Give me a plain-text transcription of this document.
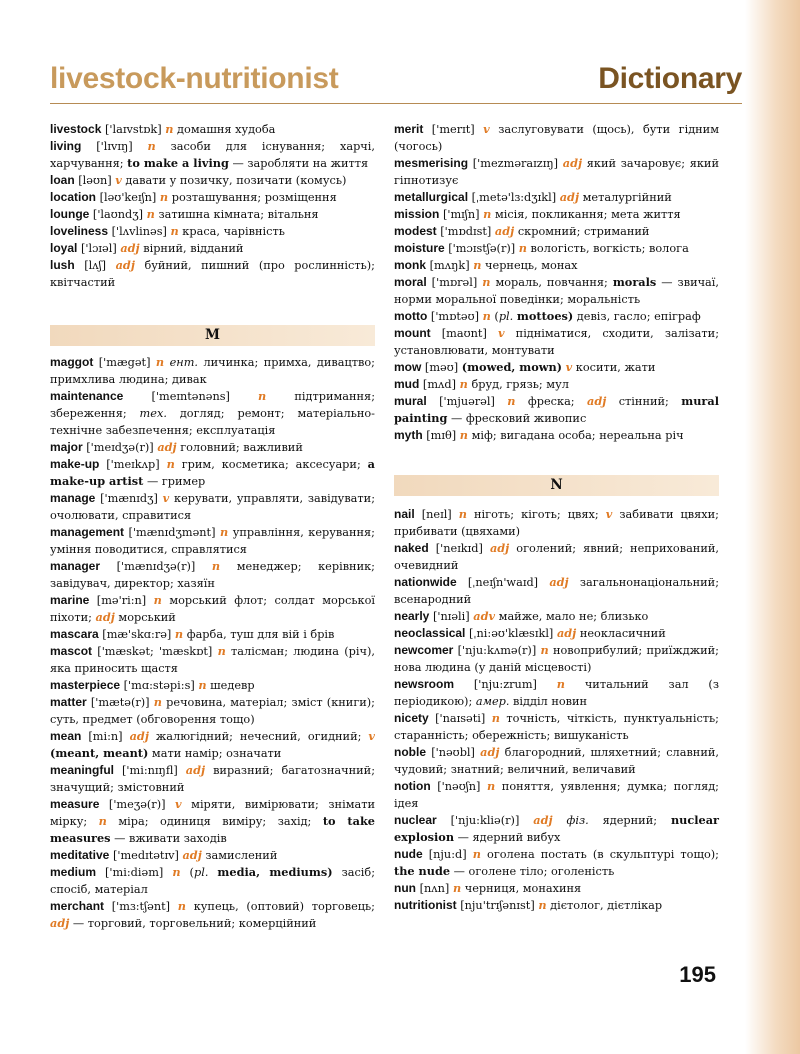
livestock-nutritionist	Dictionary

livestock ['laɪvstɒk] n домашня худоба

living ['lɪvɪŋ] n засоби для існування; харчі, харчування; to make a living — заробляти на життя

loan [ləʊn] v давати у позичку, позичати (комусь)

location [ləʊ'keɪʃn] n розташування; розміщення

lounge ['laʊndʒ] n затишна кімната; вітальня

loveliness ['lʌvlinəs] n краса, чарівність

loyal ['lɔɪəl] adj вірний, відданий

lush [lʌʃ] adj буйний, пишний (про рослинність); квітчастий

M

maggot ['mægət] n ент. личинка; примха, дивацтво; примхлива людина; дивак

maintenance ['meɪntənəns] n підтримання; збереження; тех. догляд; ремонт; матеріально-технічне забезпечення; експлуатація

major ['meɪdʒə(r)] adj головний; важливий

make-up ['meɪkʌp] n грим, косметика; аксесуари; a make-up artist — гример

manage ['mænɪdʒ] v керувати, управляти, завідувати; очолювати, справитися

management ['mænɪdʒmənt] n управління, керування; уміння поводитися, справлятися

manager ['mænɪdʒə(r)] n менеджер; керівник; завідувач, директор; хазяїн

marine [mə'ri:n] n морський флот; солдат морської піхоти; adj морський

mascara [mæ'skɑ:rə] n фарба, туш для вій і брів

mascot ['mæskət; 'mæskɒt] n талісман; людина (річ), яка приносить щастя

masterpiece ['mɑ:stəpi:s] n шедевр

matter ['mætə(r)] n речовина, матеріал; зміст (книги); суть, предмет (обговорення тощо)

mean [mi:n] adj жалюгідний; нечесний, огидний; v (meant, meant) мати намір; означати

meaningful ['mi:nɪŋfl] adj виразний; багатозначний; значущий; змістовний

measure ['meʒə(r)] v міряти, вимірювати; знімати мірку; n міра; одиниця виміру; захід; to take measures — вживати заходів

meditative ['medɪtətɪv] adj замислений

medium ['mi:diəm] n (pl. media, mediums) засіб; спосіб, матеріал

merchant ['mɜ:tʃənt] n купець, (оптовий) торговець; adj — торговий, торговельний; комерційний

merit ['merɪt] v заслуговувати (щось), бути гідним (чогось)

mesmerising ['mezməraɪzɪŋ] adj який зачаровує; який гіпнотизує

metallurgical [ˌmetə'lɜ:dʒɪkl] adj металургійний

mission ['mɪʃn] n місія, покликання; мета життя

modest ['mɒdɪst] adj скромний; стриманий

moisture ['mɔɪstʃə(r)] n вологість, вогкість; волога

monk [mʌŋk] n чернець, монах

moral ['mɒrəl] n мораль, повчання; morals — звичаї, норми моральної поведінки; моральність

motto ['mɒtəʊ] n (pl. mottoes) девіз, гасло; епіграф

mount [maʊnt] v підніматися, сходити, залізати; установлювати, монтувати

mow [məʊ] (mowed, mown) v косити, жати

mud [mʌd] n бруд, грязь; мул

mural ['mjuərəl] n фреска; adj стінний; mural painting — фресковий живопис

myth [mɪθ] n міф; вигадана особа; нереальна річ

N

nail [neɪl] n ніготь; кіготь; цвях; v забивати цвяхи; прибивати (цвяхами)

naked ['neɪkɪd] adj оголений; явний; неприхований, очевидний

nationwide [ˌneɪʃn'waɪd] adj загальнонаціональний; всенародний

nearly ['nɪəli] adv майже, мало не; близько

neoclassical [ˌni:əʊ'klæsɪkl] adj неокласичний

newcomer ['nju:kʌmə(r)] n новоприбулий; приїжджий; нова людина (у даній місцевості)

newsroom ['nju:zrum] n читальний зал (з періодикою); амер. відділ новин

nicety ['naɪsəti] n точність, чіткість, пунктуальність; старанність; обережність; вишуканість

noble ['nəʊbl] adj благородний, шляхетний; славний, чудовий; знатний; величний, величавий

notion ['nəʊʃn] n поняття, уявлення; думка; погляд; ідея

nuclear ['nju:kliə(r)] adj фіз. ядерний; nuclear explosion — ядерний вибух

nude [nju:d] n оголена постать (в скульптурі тощо); the nude — оголене тіло; оголеність

nun [nʌn] n черниця, монахиня

nutritionist [nju'trɪʃənɪst] n дієтолог, дієтлікар

195
